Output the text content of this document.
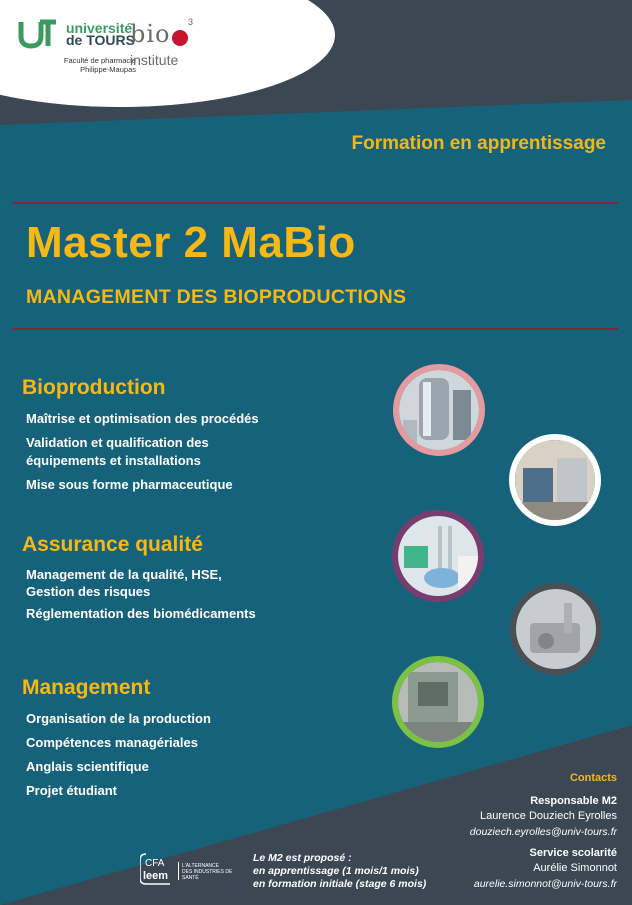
université
de TOURS
Faculté de pharmacie
Philippe-Maupas
bio 3
institute
Formation en apprentissage
Master 2 MaBio
MANAGEMENT DES BIOPRODUCTIONS
Bioproduction
Maîtrise et optimisation des procédés
Validation et qualification des
équipements et installations
Mise sous forme pharmaceutique
Assurance qualité
Management de la qualité, HSE,
Gestion des risques
Réglementation des biomédicaments
Management
Organisation de la production
Compétences managériales
Anglais scientifique
Projet étudiant
Contacts
Responsable M2
Laurence Douziech Eyrolles
douziech.eyrolles@univ-tours.fr
Service scolarité
Aurélie Simonnot
aurelie.simonnot@univ-tours.fr
Le M2 est proposé :
en apprentissage (1 mois/1 mois)
en formation initiale (stage 6 mois)
CFA
leem
L'ALTERNANCE
DES INDUSTRIES DE SANTÉ
